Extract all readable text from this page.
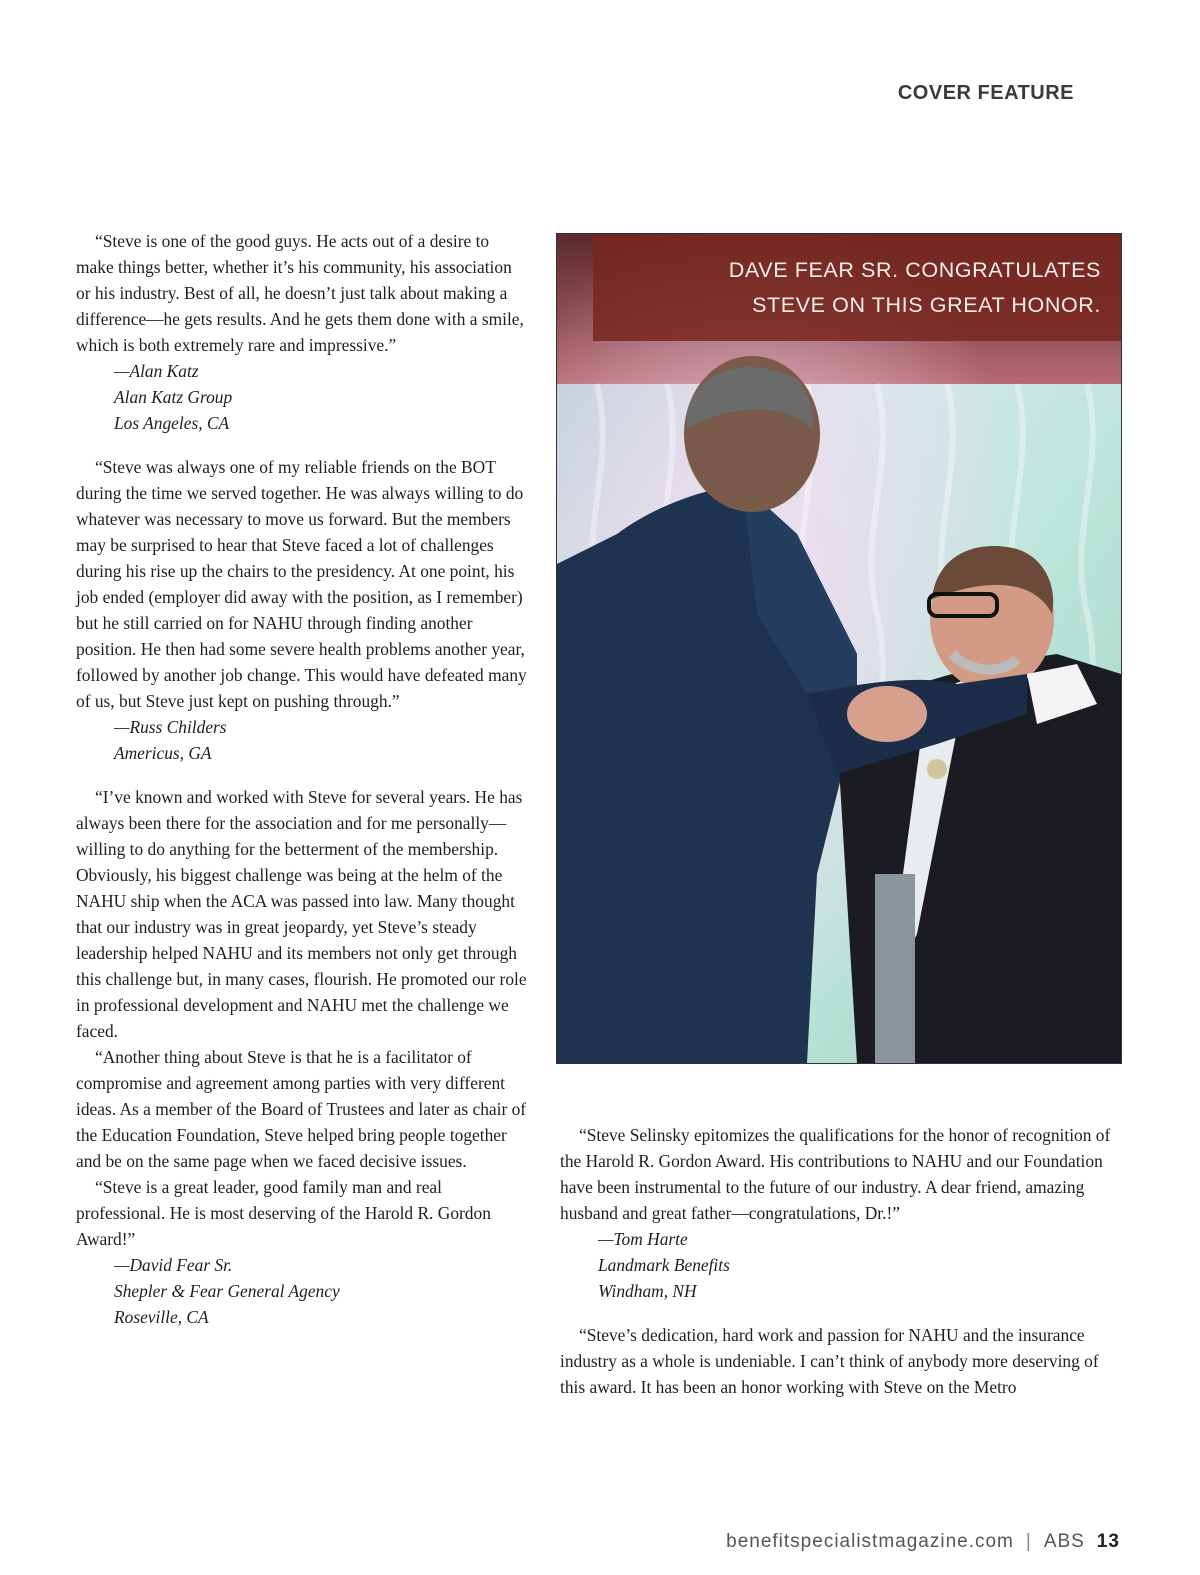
COVER FEATURE

“Steve is one of the good guys. He acts out of a desire to make things better, whether it’s his community, his association or his industry. Best of all, he doesn’t just talk about making a difference—he gets results. And he gets them done with a smile, which is both extremely rare and impressive.”

—Alan Katz

Alan Katz Group

Los Angeles, CA

“Steve was always one of my reliable friends on the BOT during the time we served together. He was always willing to do whatever was necessary to move us forward. But the members may be surprised to hear that Steve faced a lot of challenges during his rise up the chairs to the presidency. At one point, his job ended (employer did away with the position, as I remember) but he still carried on for NAHU through finding another position. He then had some severe health problems another year, followed by another job change. This would have defeated many of us, but Steve just kept on pushing through.”

—Russ Childers

Americus, GA

“I’ve known and worked with Steve for several years. He has always been there for the association and for me personally—willing to do anything for the betterment of the membership. Obviously, his biggest challenge was being at the helm of the NAHU ship when the ACA was passed into law. Many thought that our industry was in great jeopardy, yet Steve’s steady leadership helped NAHU and its members not only get through this challenge but, in many cases, flourish. He promoted our role in professional development and NAHU met the challenge we faced.

“Another thing about Steve is that he is a facilitator of compromise and agreement among parties with very different ideas. As a member of the Board of Trustees and later as chair of the Education Foundation, Steve helped bring people together and be on the same page when we faced decisive issues.

“Steve is a great leader, good family man and real professional. He is most deserving of the Harold R. Gordon Award!”

—David Fear Sr.

Shepler & Fear General Agency

Roseville, CA

DAVE FEAR SR. CONGRATULATES
STEVE ON THIS GREAT HONOR.

“Steve Selinsky epitomizes the qualifications for the honor of recognition of the Harold R. Gordon Award. His contributions to NAHU and our Foundation have been instrumental to the future of our industry. A dear friend, amazing husband and great father—congratulations, Dr.!”

—Tom Harte

Landmark Benefits

Windham, NH

“Steve’s dedication, hard work and passion for NAHU and the insurance industry as a whole is undeniable. I can’t think of anybody more deserving of this award. It has been an honor working with Steve on the Metro

benefitspecialistmagazine.com | ABS 13
